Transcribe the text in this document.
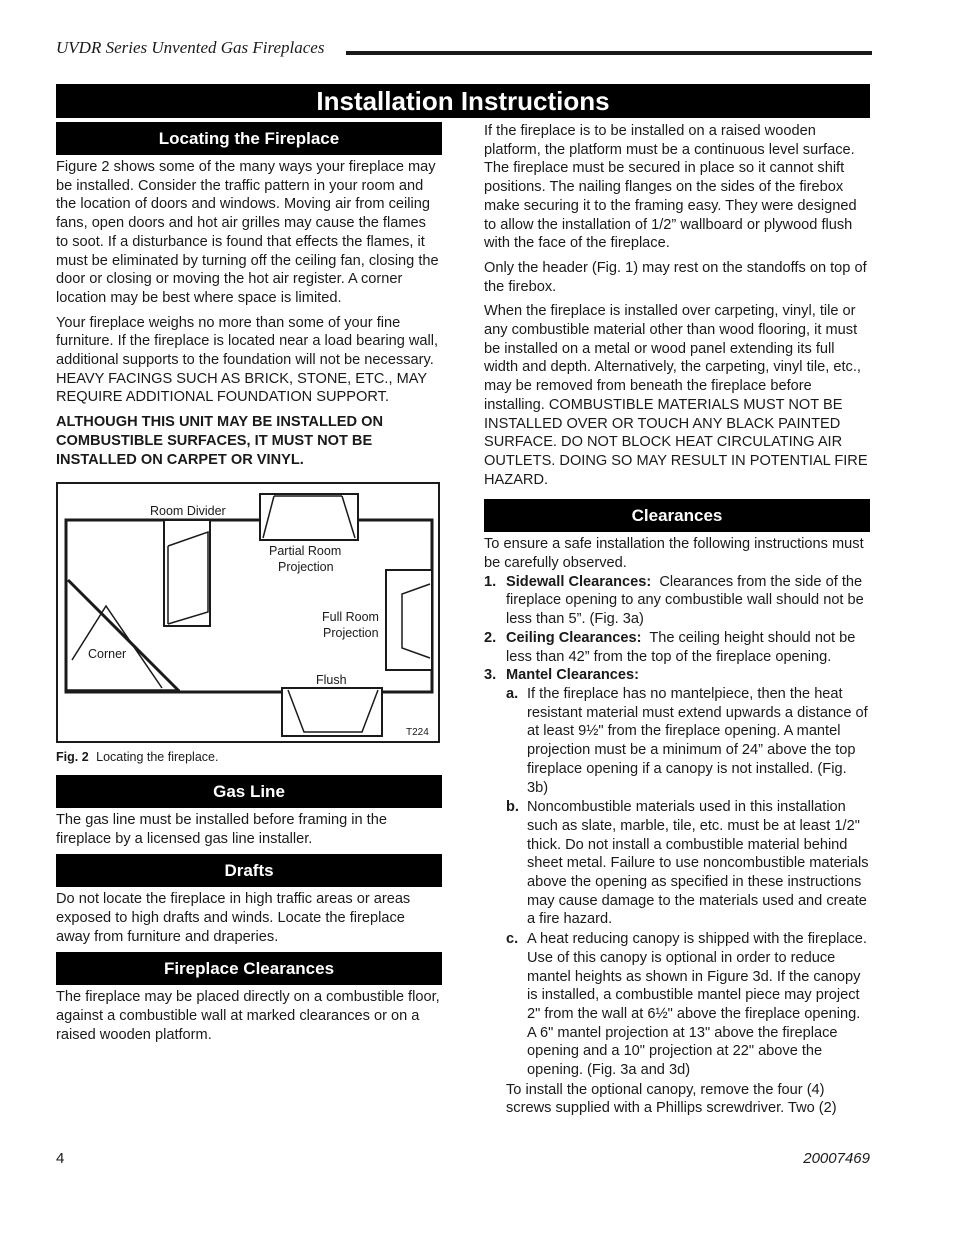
UVDR Series Unvented Gas Fireplaces
Installation Instructions
Locating the Fireplace

Figure 2 shows some of the many ways your fireplace may be installed. Consider the traffic pattern in your room and the location of doors and windows. Moving air from ceiling fans, open doors and hot air grilles may cause the flames to soot. If a disturbance is found that effects the flames, it must be eliminated by turning off the ceiling fan, closing the door or closing or moving the hot air register. A corner location may be best where space is limited.

Your fireplace weighs no more than some of your fine furniture. If the fireplace is located near a load bearing wall, additional supports to the foundation will not be necessary. HEAVY FACINGS SUCH AS BRICK, STONE, ETC., MAY REQUIRE ADDITIONAL FOUNDATION SUPPORT.

ALTHOUGH THIS UNIT MAY BE INSTALLED ON COMBUSTIBLE SURFACES, IT MUST NOT BE INSTALLED ON CARPET OR VINYL.

Room Divider
Partial Room
Projection
Full Room
Projection
Corner
Flush
T224
Fig. 2 Locating the fireplace.
Gas Line

The gas line must be installed before framing in the fireplace by a licensed gas line installer.

Drafts

Do not locate the fireplace in high traffic areas or areas exposed to high drafts and winds. Locate the fireplace away from furniture and draperies.

Fireplace Clearances

The fireplace may be placed directly on a combustible floor, against a combustible wall at marked clearances or on a raised wooden platform.

If the fireplace is to be installed on a raised wooden platform, the platform must be a continuous level surface. The fireplace must be secured in place so it cannot shift positions. The nailing flanges on the sides of the firebox make securing it to the framing easy. They were designed to allow the installation of 1/2” wallboard or plywood flush with the face of the fireplace.

Only the header (Fig. 1) may rest on the standoffs on top of the firebox.

When the fireplace is installed over carpeting, vinyl, tile or any combustible material other than wood flooring, it must be installed on a metal or wood panel extending its full width and depth. Alternatively, the carpeting, vinyl tile, etc., may be removed from beneath the fireplace before installing. COMBUSTIBLE MATERIALS MUST NOT BE INSTALLED OVER OR TOUCH ANY BLACK PAINTED SURFACE. DO NOT BLOCK HEAT CIRCULATING AIR OUTLETS. DOING SO MAY RESULT IN POTENTIAL FIRE HAZARD.

Clearances

To ensure a safe installation the following instructions must be carefully observed.

1. Sidewall Clearances: Clearances from the side of the fireplace opening to any combustible wall should not be less than 5”. (Fig. 3a)
2. Ceiling Clearances: The ceiling height should not be less than 42” from the top of the fireplace opening.
3. Mantel Clearances:
a. If the fireplace has no mantelpiece, then the heat resistant material must extend upwards a distance of at least 9½" from the fireplace opening. A mantel projection must be a minimum of 24” above the top fireplace opening if a canopy is not installed. (Fig. 3b)
b. Noncombustible materials used in this installation such as slate, marble, tile, etc. must be at least 1/2" thick. Do not install a combustible material behind sheet metal. Failure to use noncombustible materials above the opening as specified in these instructions may cause damage to the materials used and create a fire hazard.
c. A heat reducing canopy is shipped with the fireplace. Use of this canopy is optional in order to reduce mantel heights as shown in Figure 3d. If the canopy is installed, a combustible mantel piece may project 2" from the wall at 6½" above the fireplace opening. A 6" mantel projection at 13" above the fireplace opening and a 10" projection at 22" above the opening. (Fig. 3a and 3d)

To install the optional canopy, remove the four (4) screws supplied with a Phillips screwdriver. Two (2)

4	20007469
